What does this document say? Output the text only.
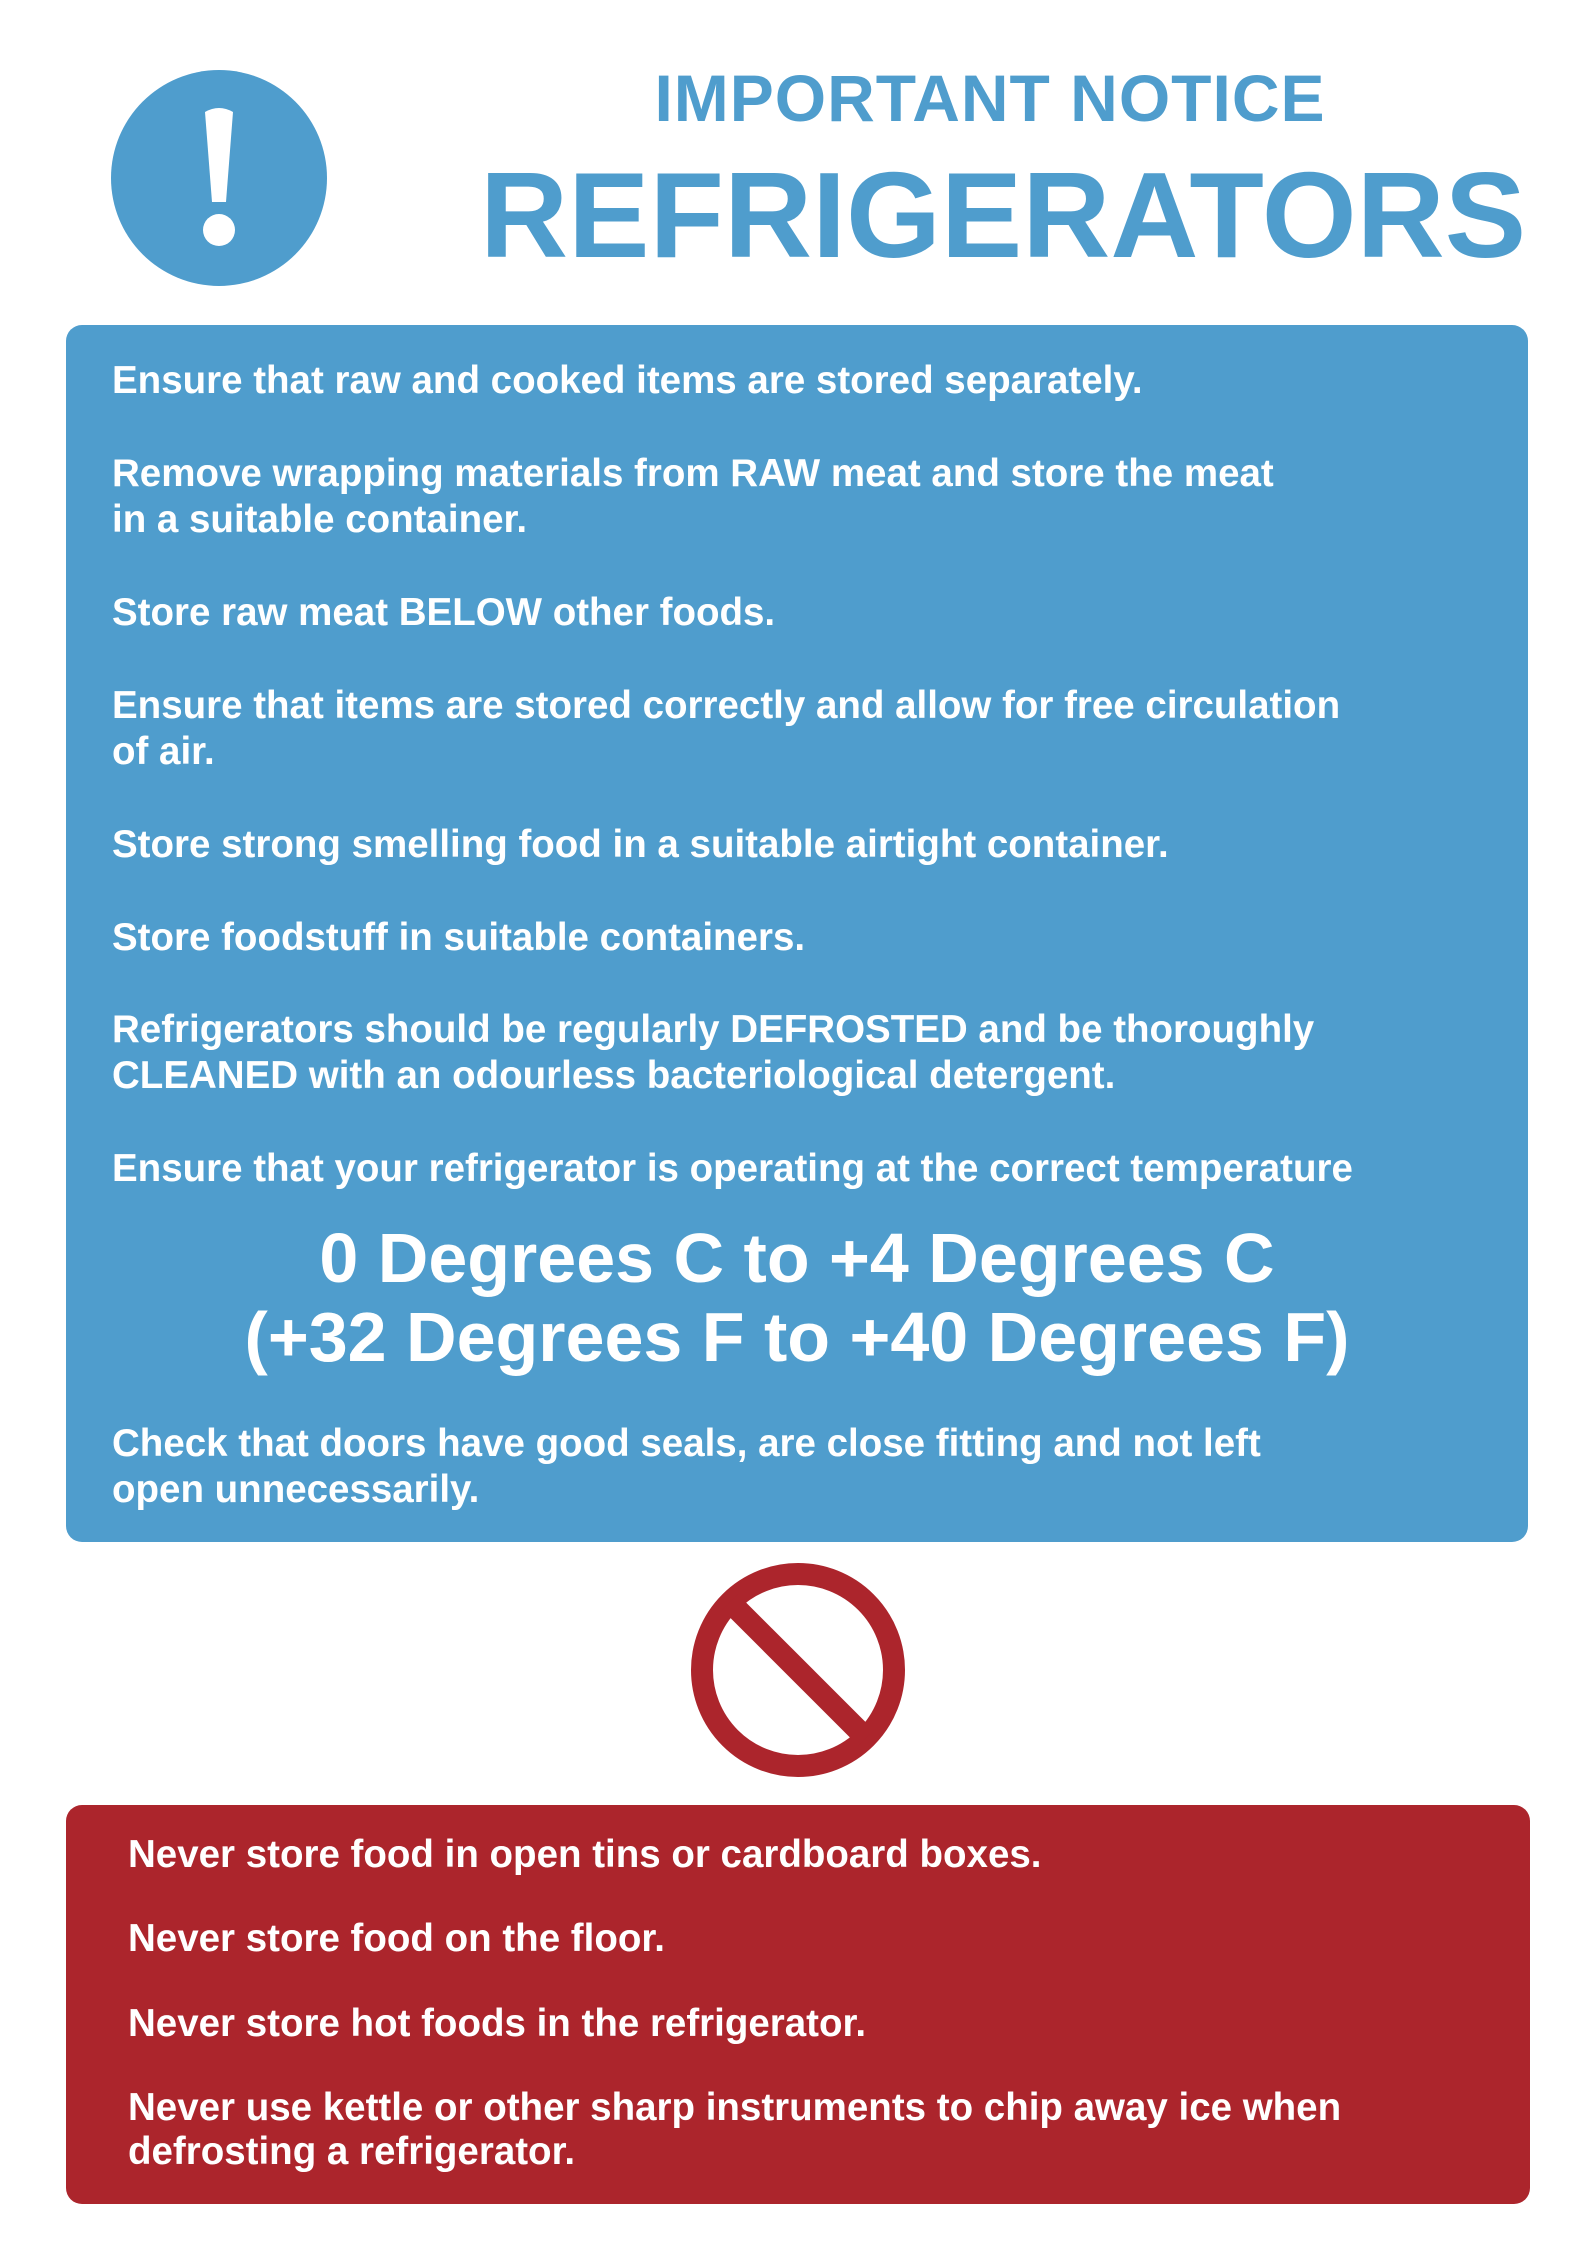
IMPORTANT NOTICE
REFRIGERATORS
Ensure that raw and cooked items are stored separately.
Remove wrapping materials from RAW meat and store the meat
in a suitable container.
Store raw meat BELOW other foods.
Ensure that items are stored correctly and allow for free circulation
of air.
Store strong smelling food in a suitable airtight container.
Store foodstuff in suitable containers.
Refrigerators should be regularly DEFROSTED and be thoroughly
CLEANED with an odourless bacteriological detergent.
Ensure that your refrigerator is operating at the correct temperature
0 Degrees C to +4 Degrees C
(+32 Degrees F to +40 Degrees F)
Check that doors have good seals, are close fitting and not left
open unnecessarily.
Never store food in open tins or cardboard boxes.
Never store food on the floor.
Never store hot foods in the refrigerator.
Never use kettle or other sharp instruments to chip away ice when
defrosting a refrigerator.
